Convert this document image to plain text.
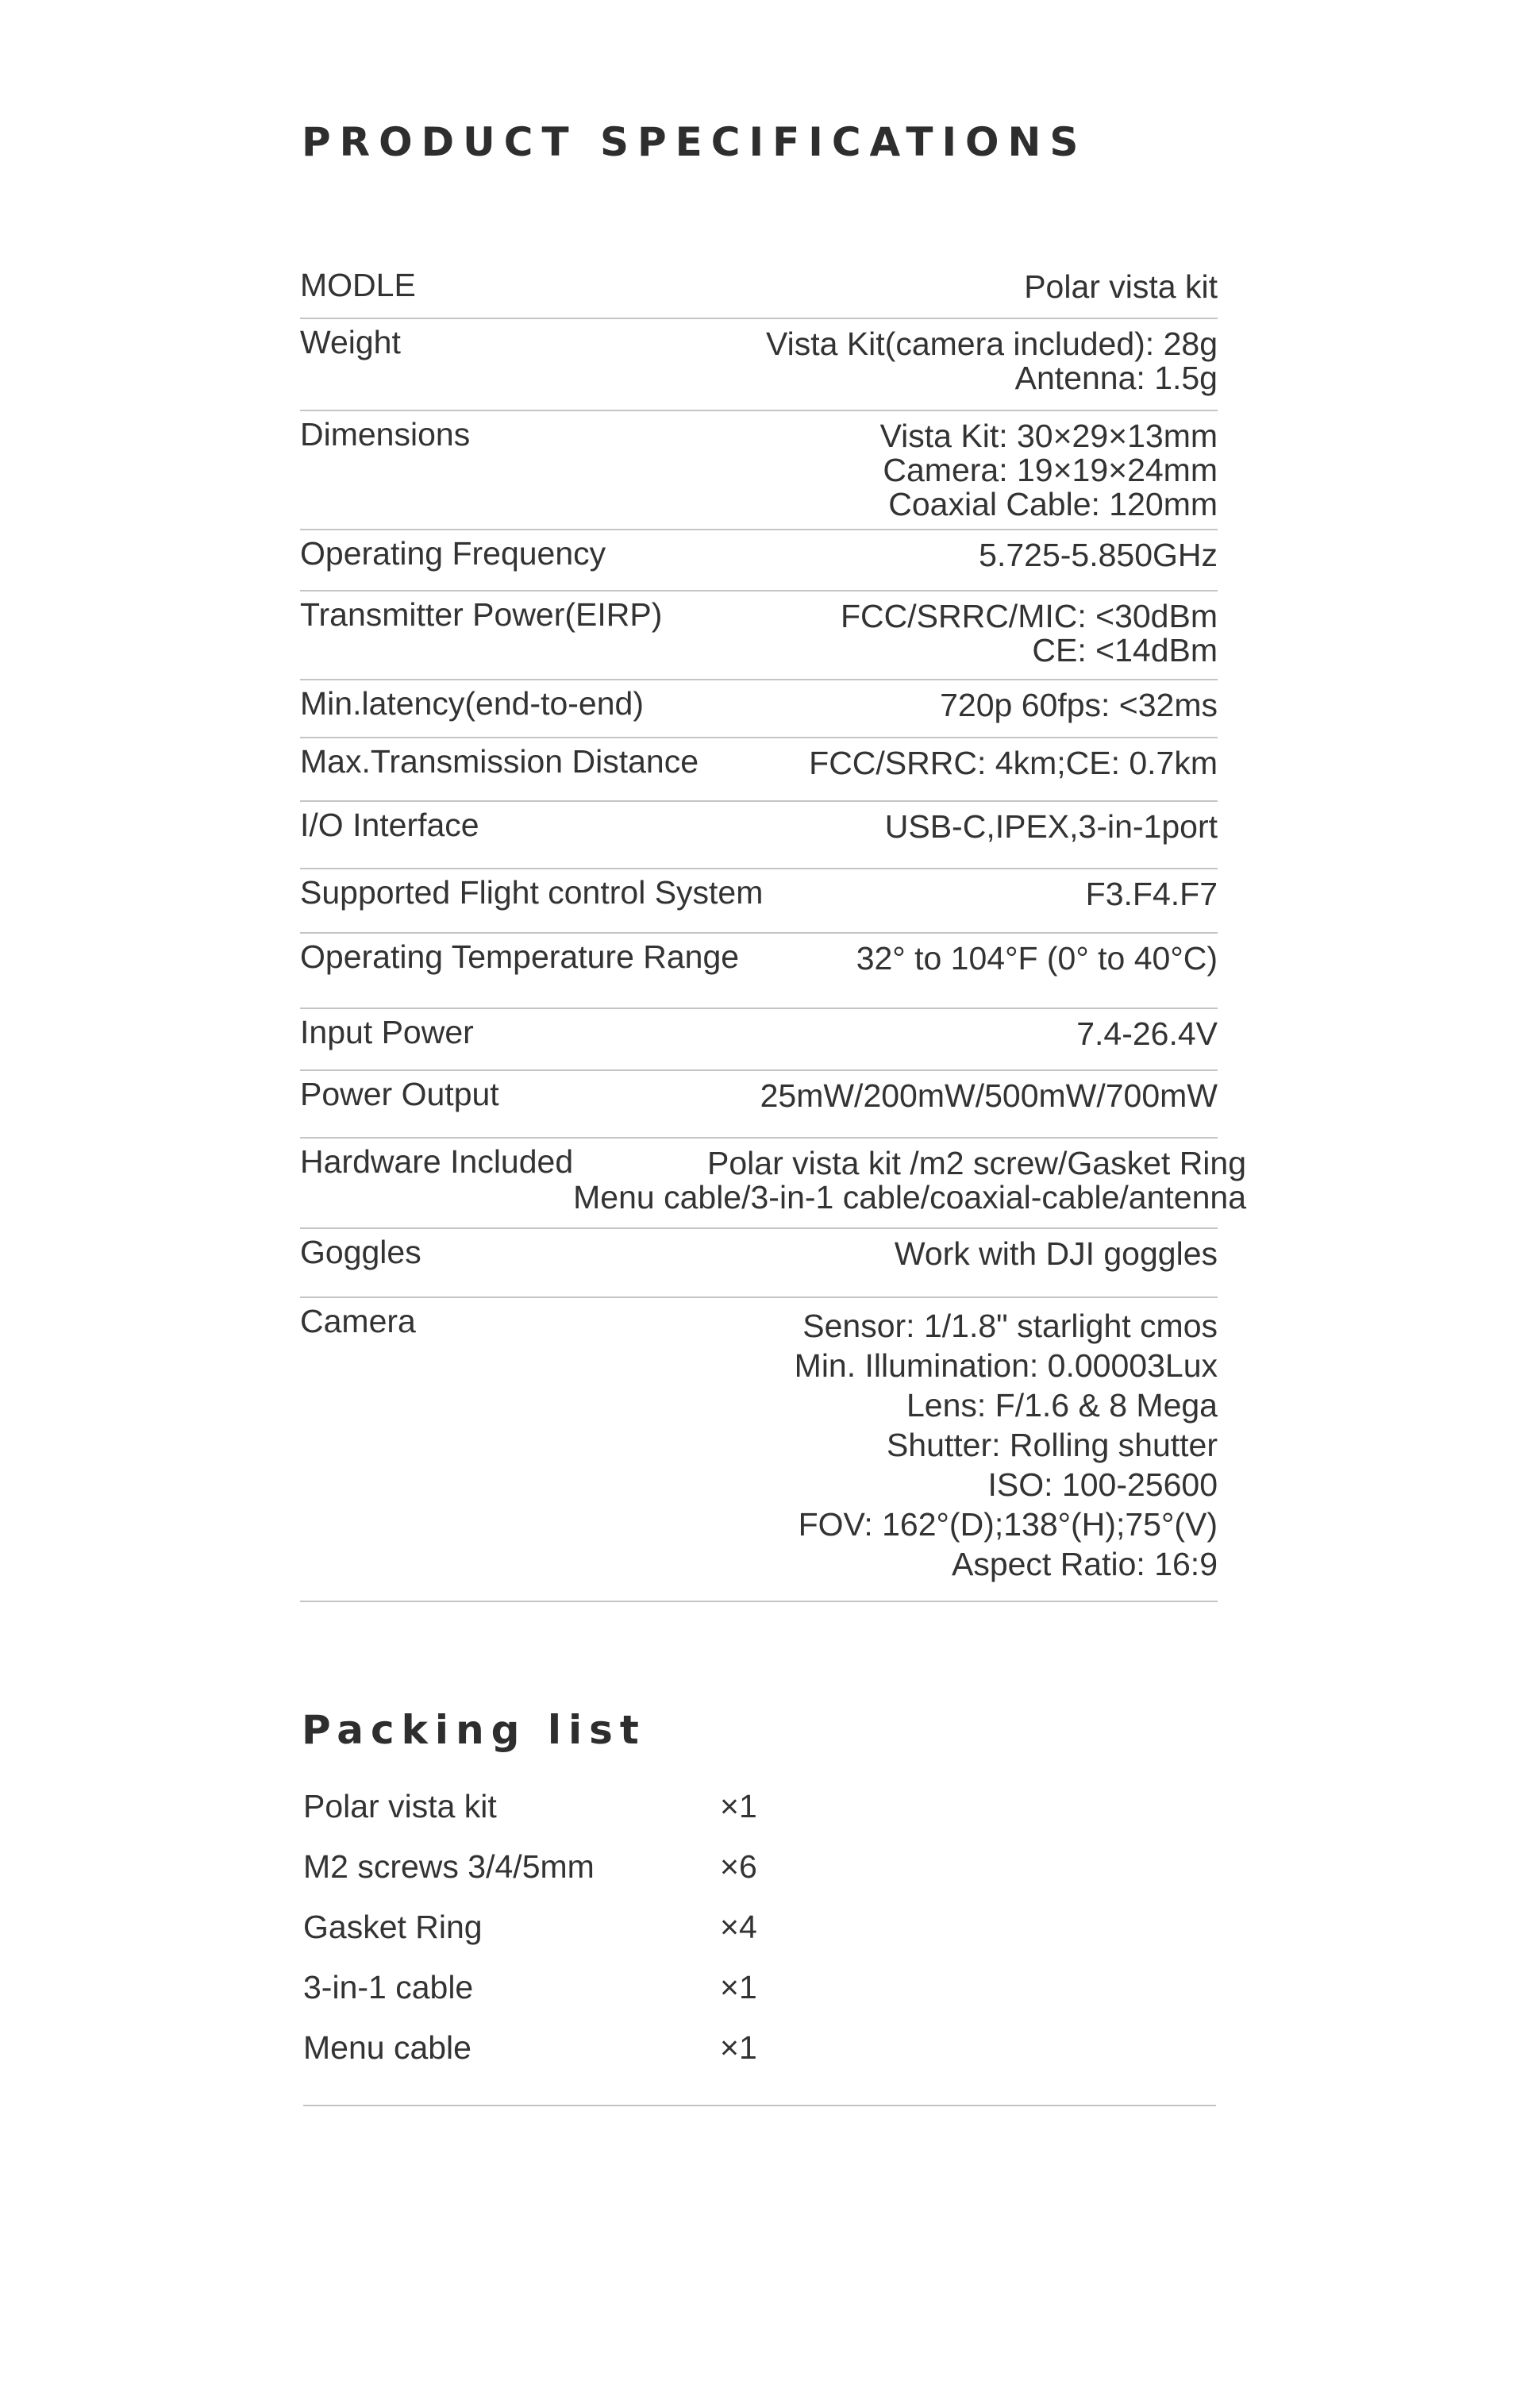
PRODUCT SPECIFICATIONS
MODLE	Polar vista kit
Weight	Vista Kit(camera included): 28g
Antenna: 1.5g
Dimensions	Vista Kit: 30×29×13mm
Camera: 19×19×24mm
Coaxial Cable: 120mm
Operating Frequency	5.725-5.850GHz
Transmitter Power(EIRP)	FCC/SRRC/MIC: <30dBm
CE: <14dBm
Min.latency(end-to-end)	720p 60fps: <32ms
Max.Transmission Distance	FCC/SRRC: 4km;CE: 0.7km
I/O Interface	USB-C,IPEX,3-in-1port
Supported Flight control System	F3.F4.F7
Operating Temperature Range	32° to 104°F (0° to 40°C)
Input Power	7.4-26.4V
Power Output	25mW/200mW/500mW/700mW
Hardware Included	Polar vista kit /m2 screw/Gasket Ring
Menu cable/3-in-1 cable/coaxial-cable/antenna
Goggles	Work with DJI goggles
Camera	Sensor: 1/1.8" starlight cmos
Min. Illumination: 0.00003Lux
Lens: F/1.6 & 8 Mega
Shutter: Rolling shutter
ISO: 100-25600
FOV: 162°(D);138°(H);75°(V)
Aspect Ratio: 16:9
Packing list
Polar vista kit	×1
M2 screws 3/4/5mm	×6
Gasket Ring	×4
3-in-1 cable	×1
Menu cable	×1
